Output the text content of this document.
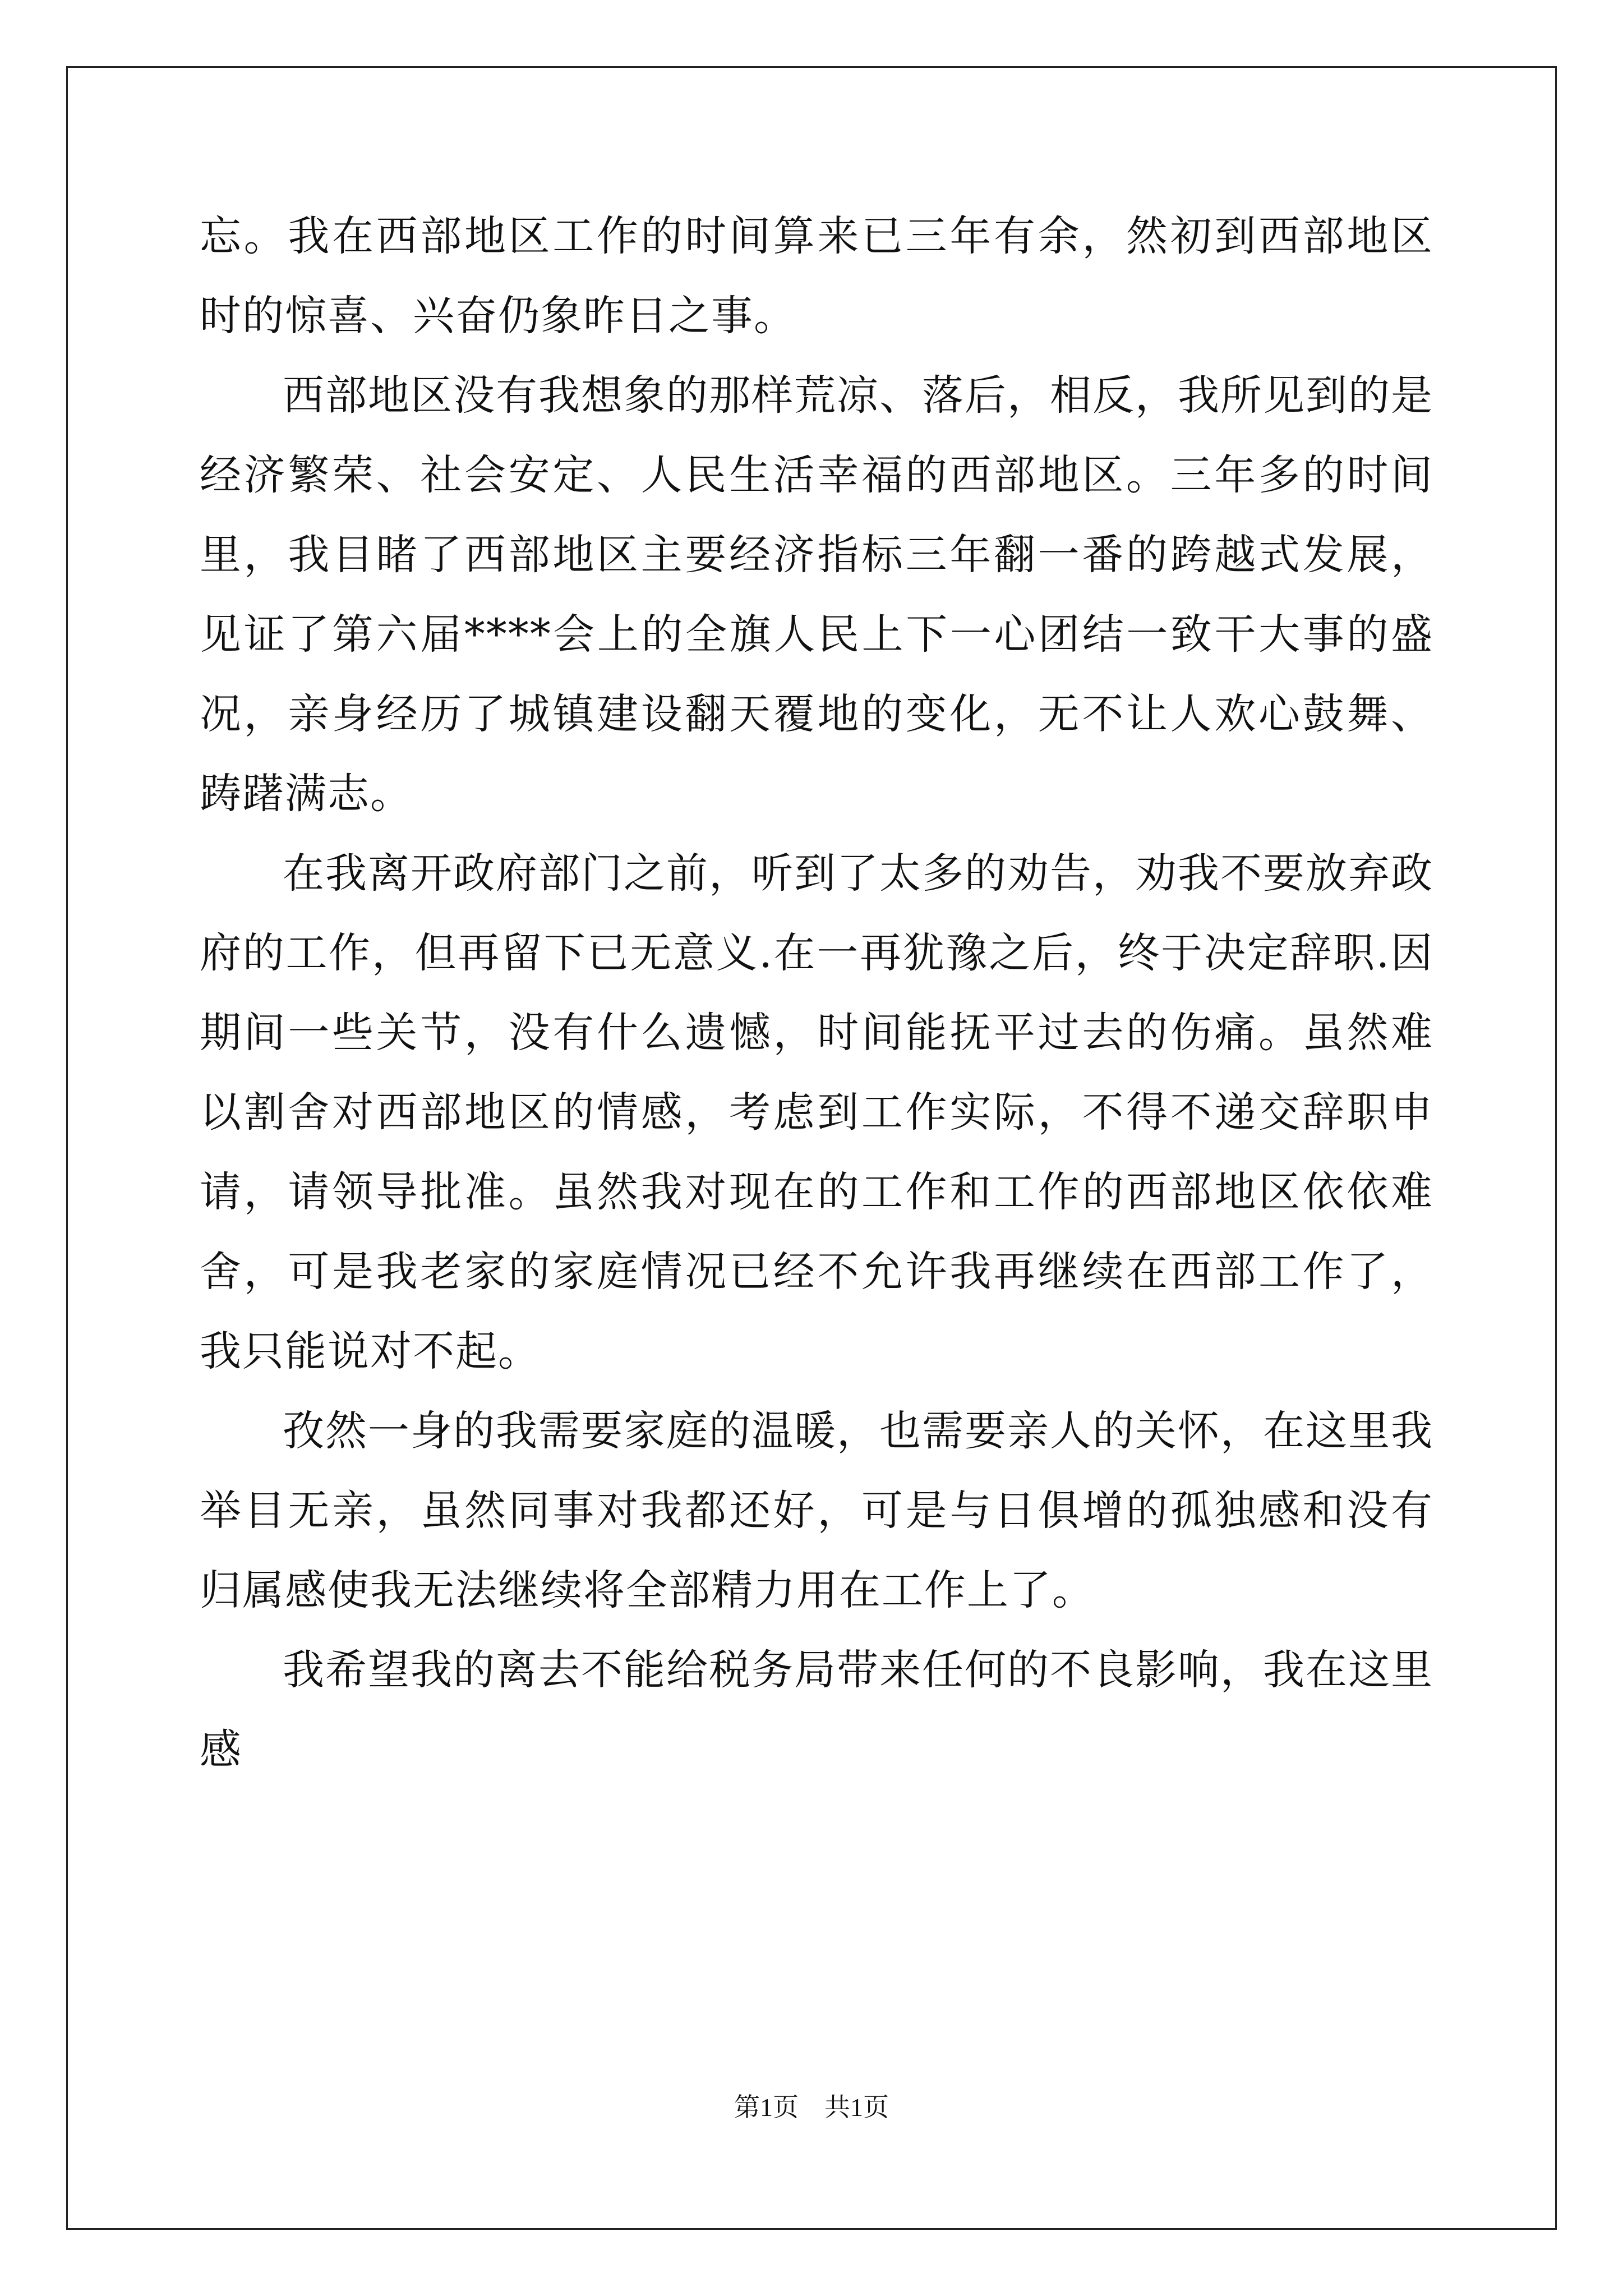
忘。我在西部地区工作的时间算来已三年有余，然初到西部地区时的惊喜、兴奋仍象昨日之事。

西部地区没有我想象的那样荒凉、落后，相反，我所见到的是经济繁荣、社会安定、人民生活幸福的西部地区。三年多的时间里，我目睹了西部地区主要经济指标三年翻一番的跨越式发展，见证了第六届****会上的全旗人民上下一心团结一致干大事的盛况，亲身经历了城镇建设翻天覆地的变化，无不让人欢心鼓舞、踌躇满志。

在我离开政府部门之前，听到了太多的劝告，劝我不要放弃政府的工作，但再留下已无意义.在一再犹豫之后，终于决定辞职.因期间一些关节，没有什么遗憾，时间能抚平过去的伤痛。虽然难以割舍对西部地区的情感，考虑到工作实际，不得不递交辞职申请，请领导批准。虽然我对现在的工作和工作的西部地区依依难舍，可是我老家的家庭情况已经不允许我再继续在西部工作了，我只能说对不起。

孜然一身的我需要家庭的温暖，也需要亲人的关怀，在这里我举目无亲，虽然同事对我都还好，可是与日俱增的孤独感和没有归属感使我无法继续将全部精力用在工作上了。

我希望我的离去不能给税务局带来任何的不良影响，我在这里感

第1页 共1页
